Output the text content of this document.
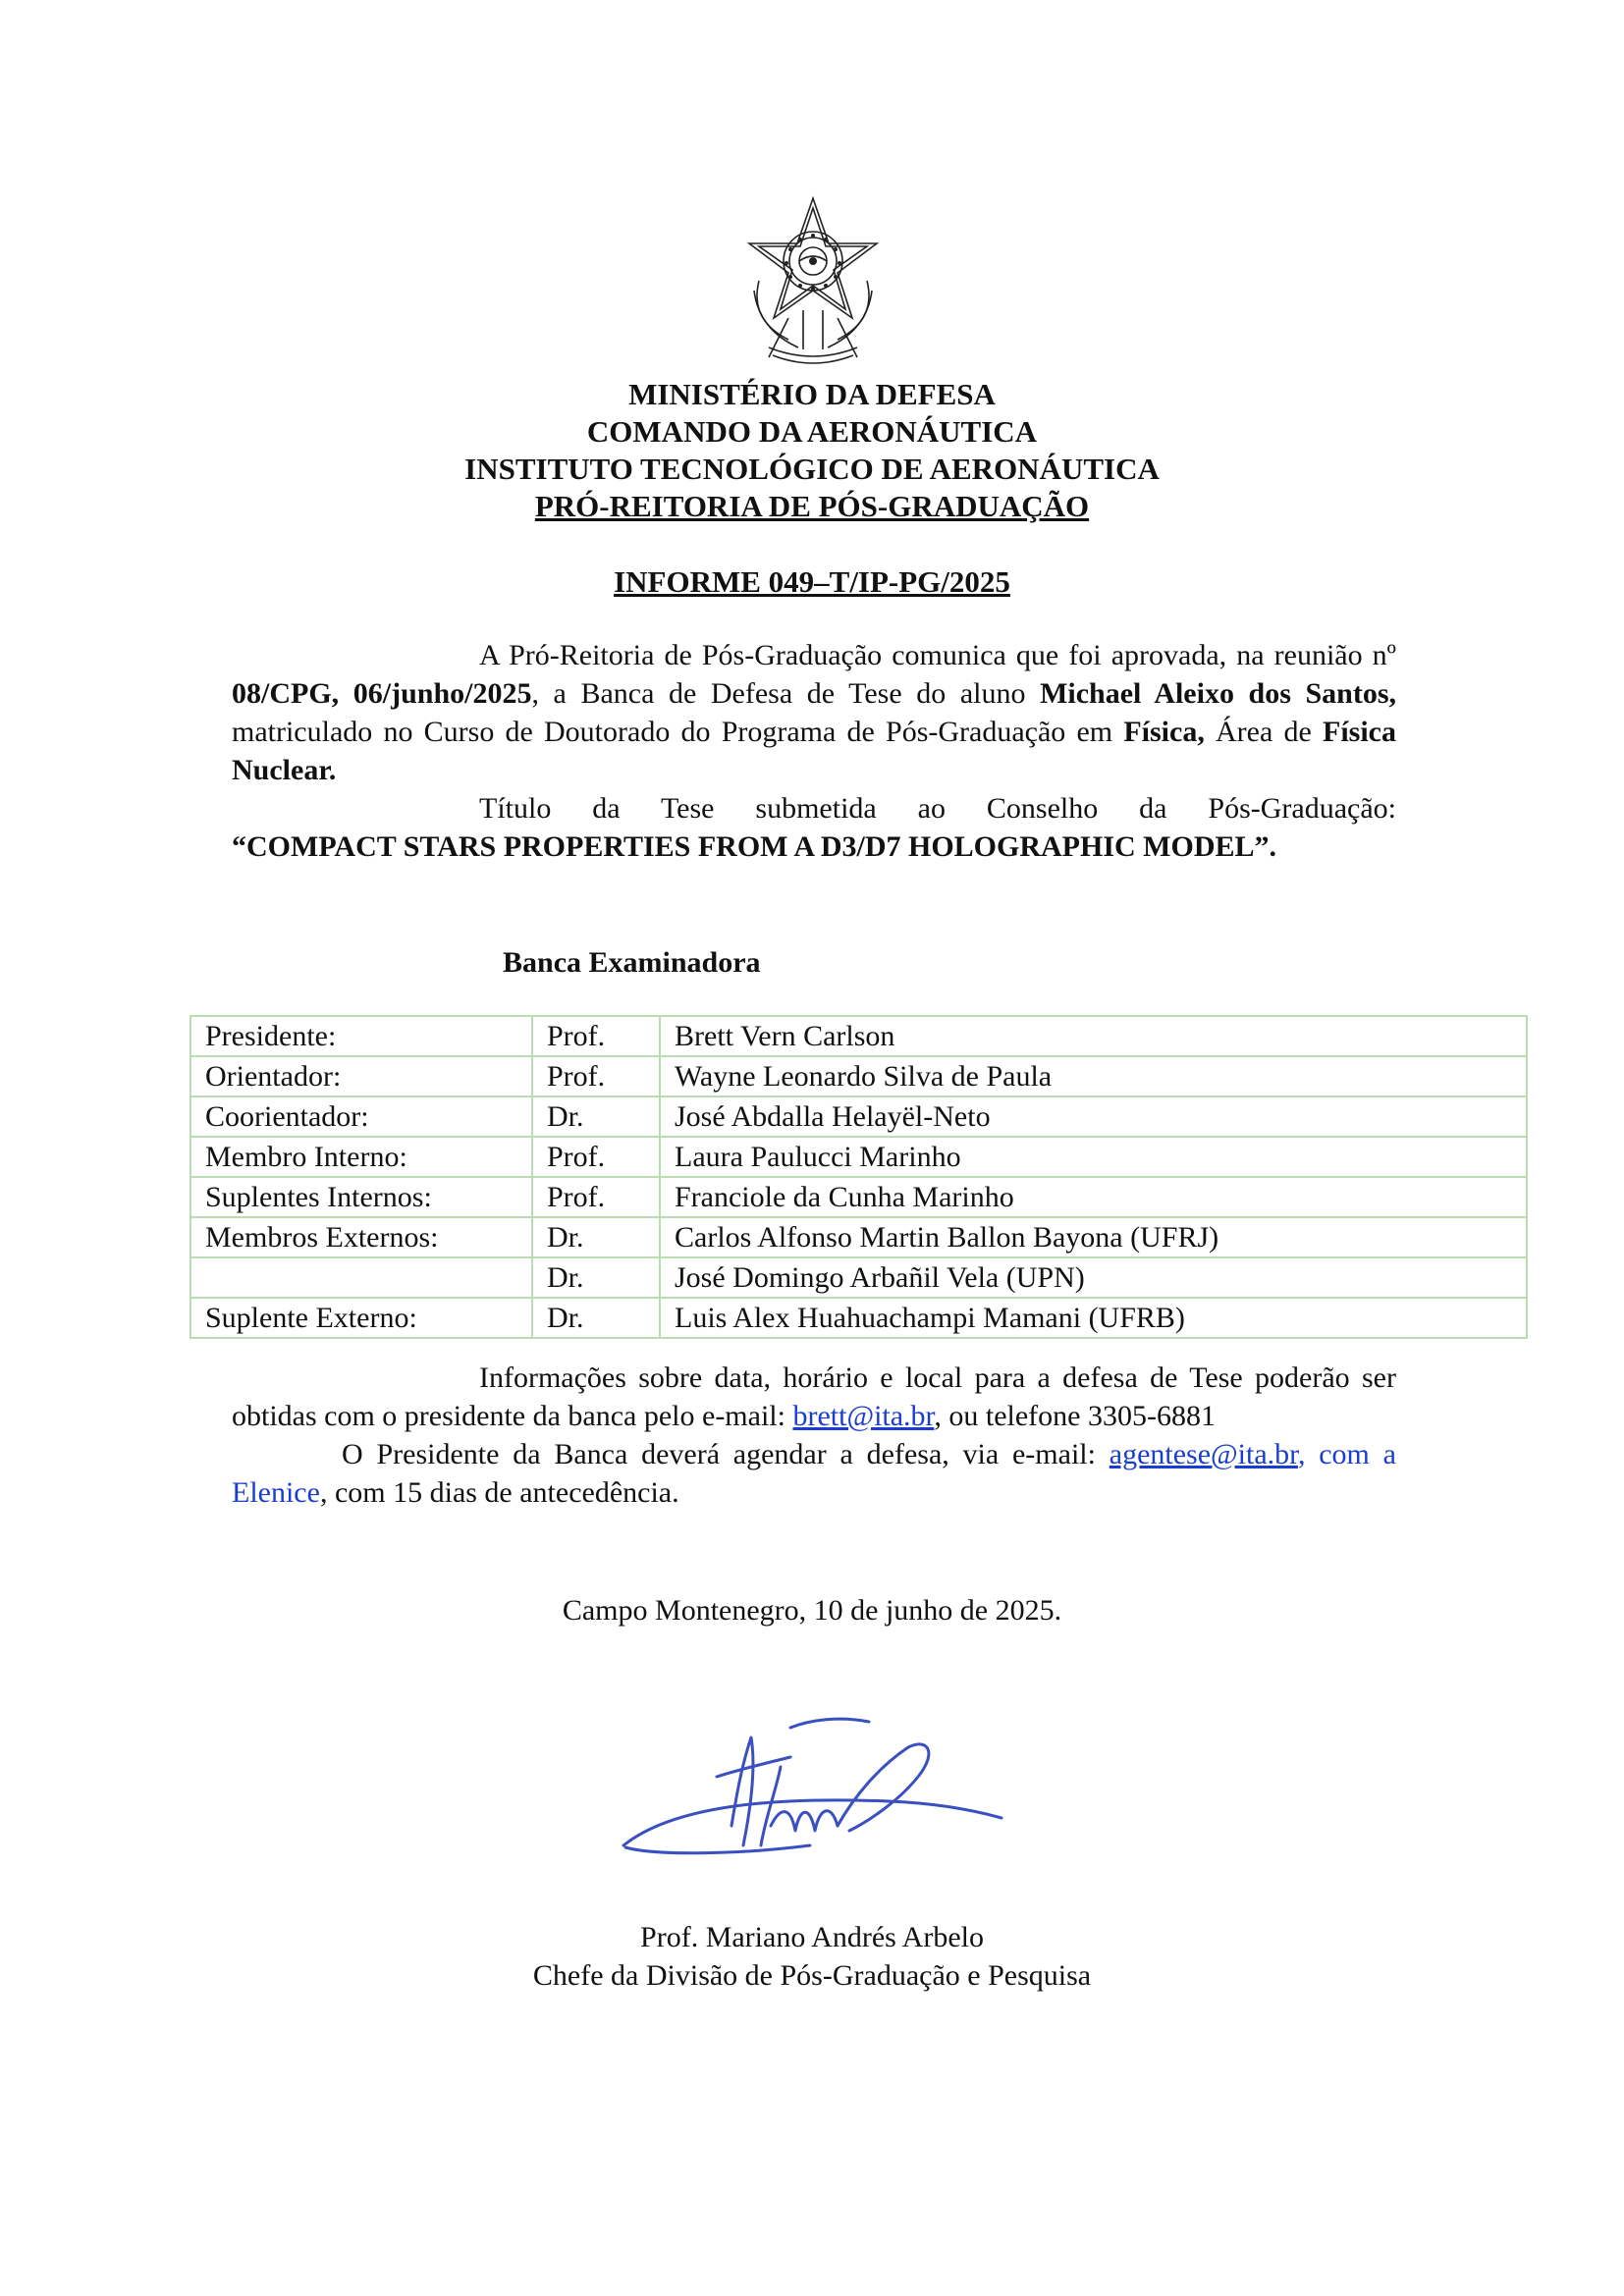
MINISTÉRIO DA DEFESA
COMANDO DA AERONÁUTICA
INSTITUTO TECNOLÓGICO DE AERONÁUTICA
PRÓ-REITORIA DE PÓS-GRADUAÇÃO
INFORME 049–T/IP-PG/2025

A Pró-Reitoria de Pós-Graduação comunica que foi aprovada, na reunião nº 08/CPG, 06/junho/2025, a Banca de Defesa de Tese do aluno Michael Aleixo dos Santos, matriculado no Curso de Doutorado do Programa de Pós-Graduação em Física, Área de Física Nuclear.

Título da Tese submetida ao Conselho da Pós-Graduação:

“COMPACT STARS PROPERTIES FROM A D3/D7 HOLOGRAPHIC MODEL”.

Banca Examinadora
Presidente:	Prof.	Brett Vern Carlson
Orientador:	Prof.	Wayne Leonardo Silva de Paula
Coorientador:	Dr.	José Abdalla Helayël-Neto
Membro Interno:	Prof.	Laura Paulucci Marinho
Suplentes Internos:	Prof.	Franciole da Cunha Marinho
Membros Externos:	Dr.	Carlos Alfonso Martin Ballon Bayona (UFRJ)
	Dr.	José Domingo Arbañil Vela (UPN)
Suplente Externo:	Dr.	Luis Alex Huahuachampi Mamani (UFRB)

Informações sobre data, horário e local para a defesa de Tese poderão ser obtidas com o presidente da banca pelo e-mail: brett@ita.br, ou telefone 3305-6881

O Presidente da Banca deverá agendar a defesa, via e-mail: agentese@ita.br, com a Elenice, com 15 dias de antecedência.

Campo Montenegro, 10 de junho de 2025.
Prof. Mariano Andrés Arbelo
Chefe da Divisão de Pós-Graduação e Pesquisa
